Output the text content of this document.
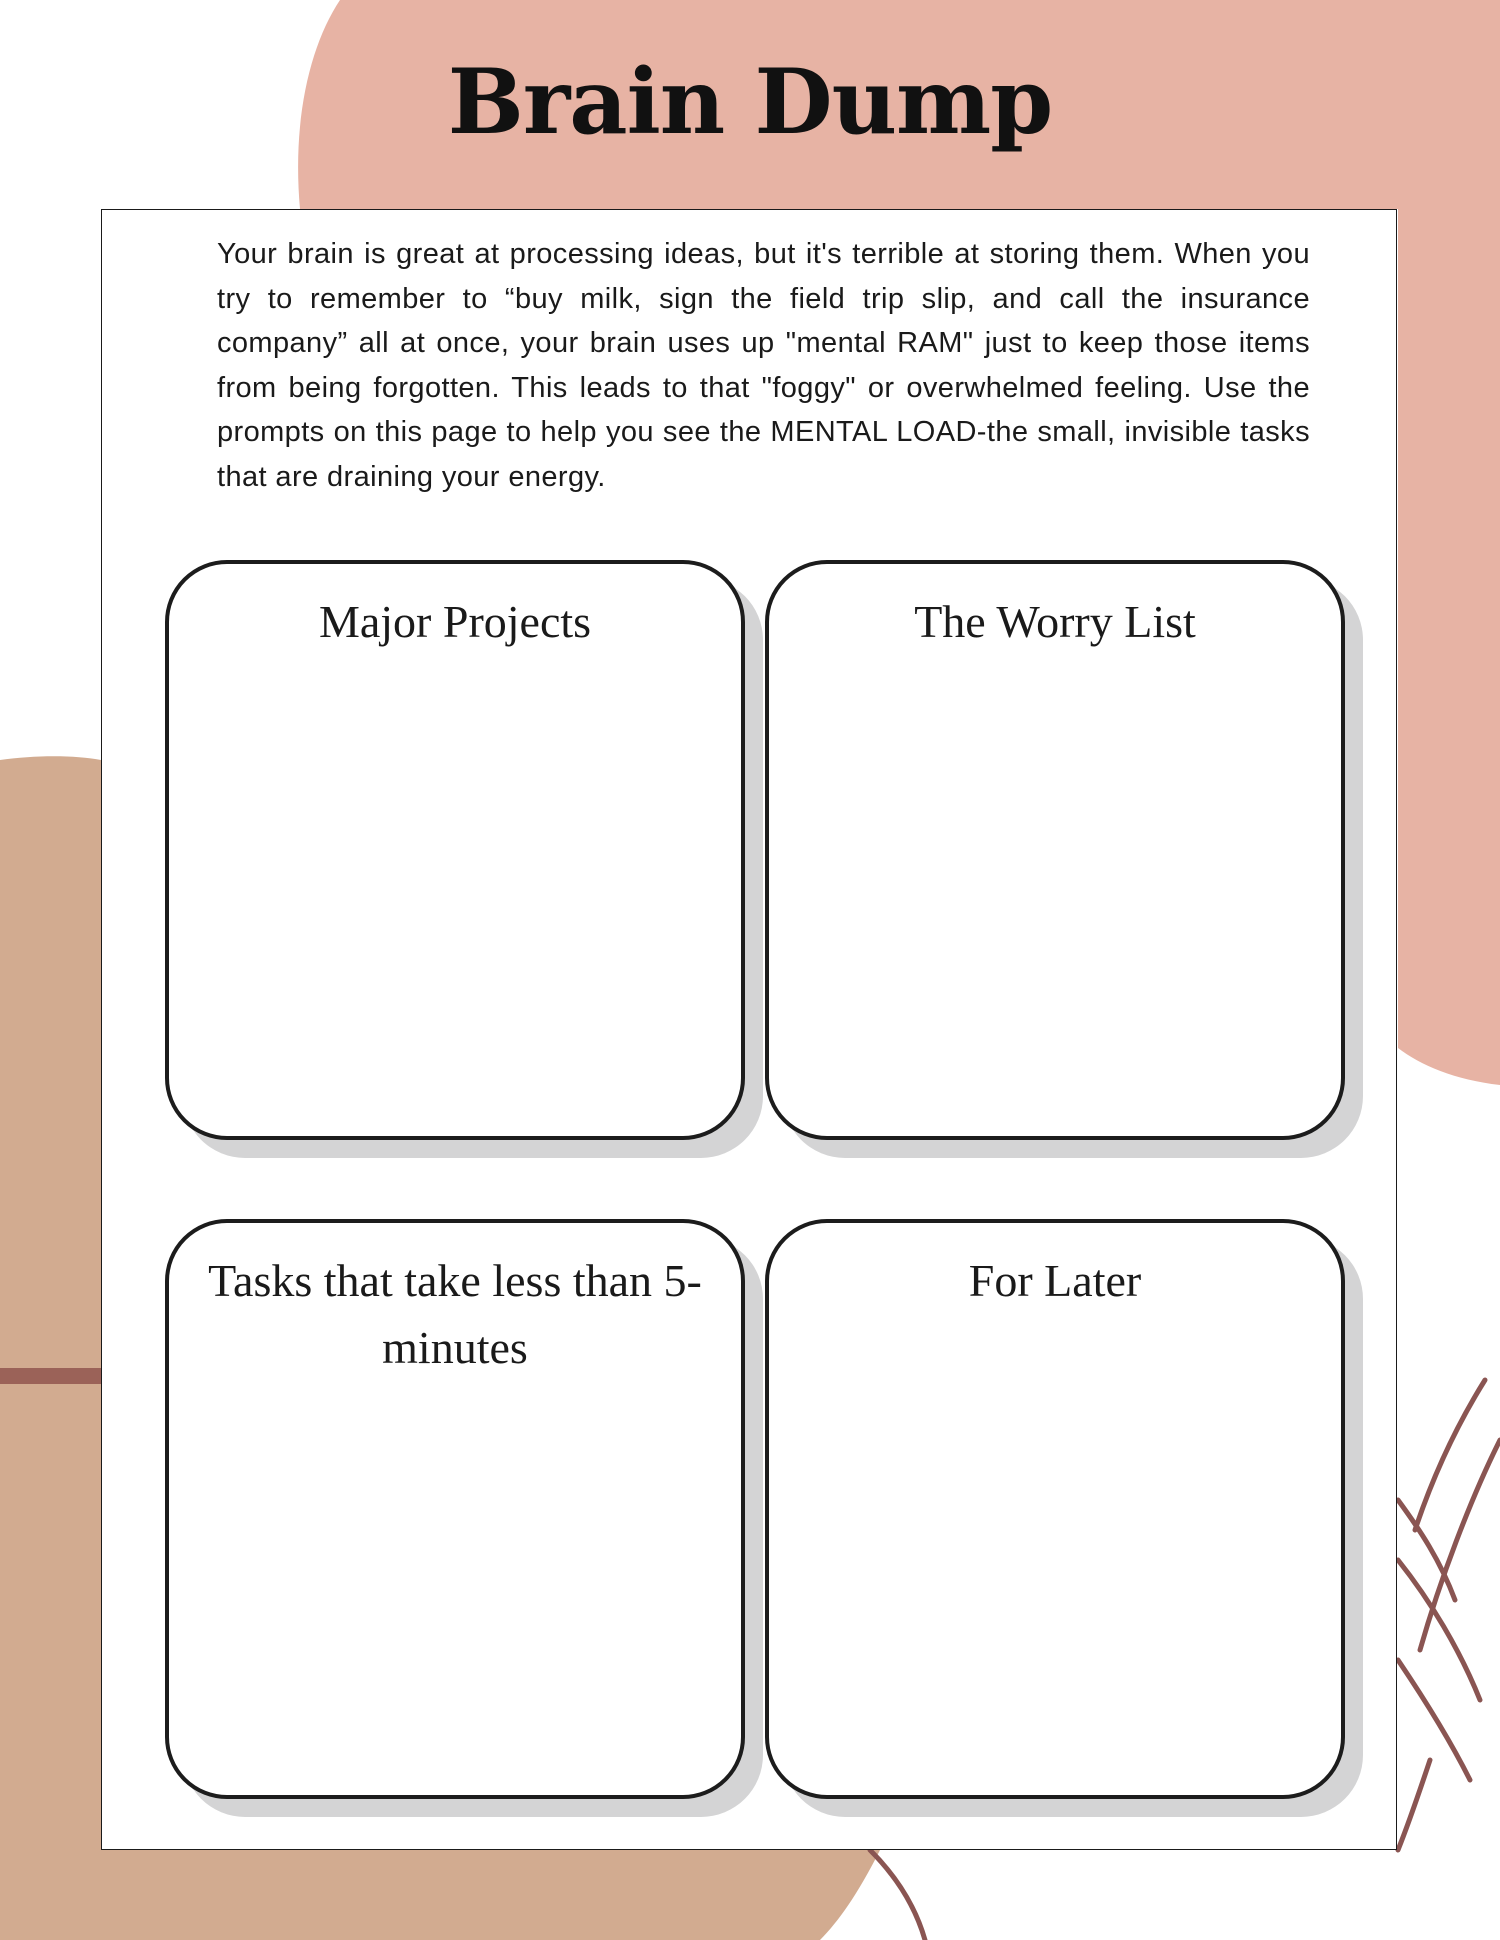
Brain Dump

Your brain is great at processing ideas, but it's terrible at storing them. When you try to remember to “buy milk, sign the field trip slip, and call the insurance company” all at once, your brain uses up "mental RAM" just to keep those items from being forgotten. This leads to that "foggy" or overwhelmed feeling. Use the prompts on this page to help you see the MENTAL LOAD-the small, invisible tasks that are draining your energy.

Major Projects	The Worry List
Tasks that take less than 5-minutes
For Later
